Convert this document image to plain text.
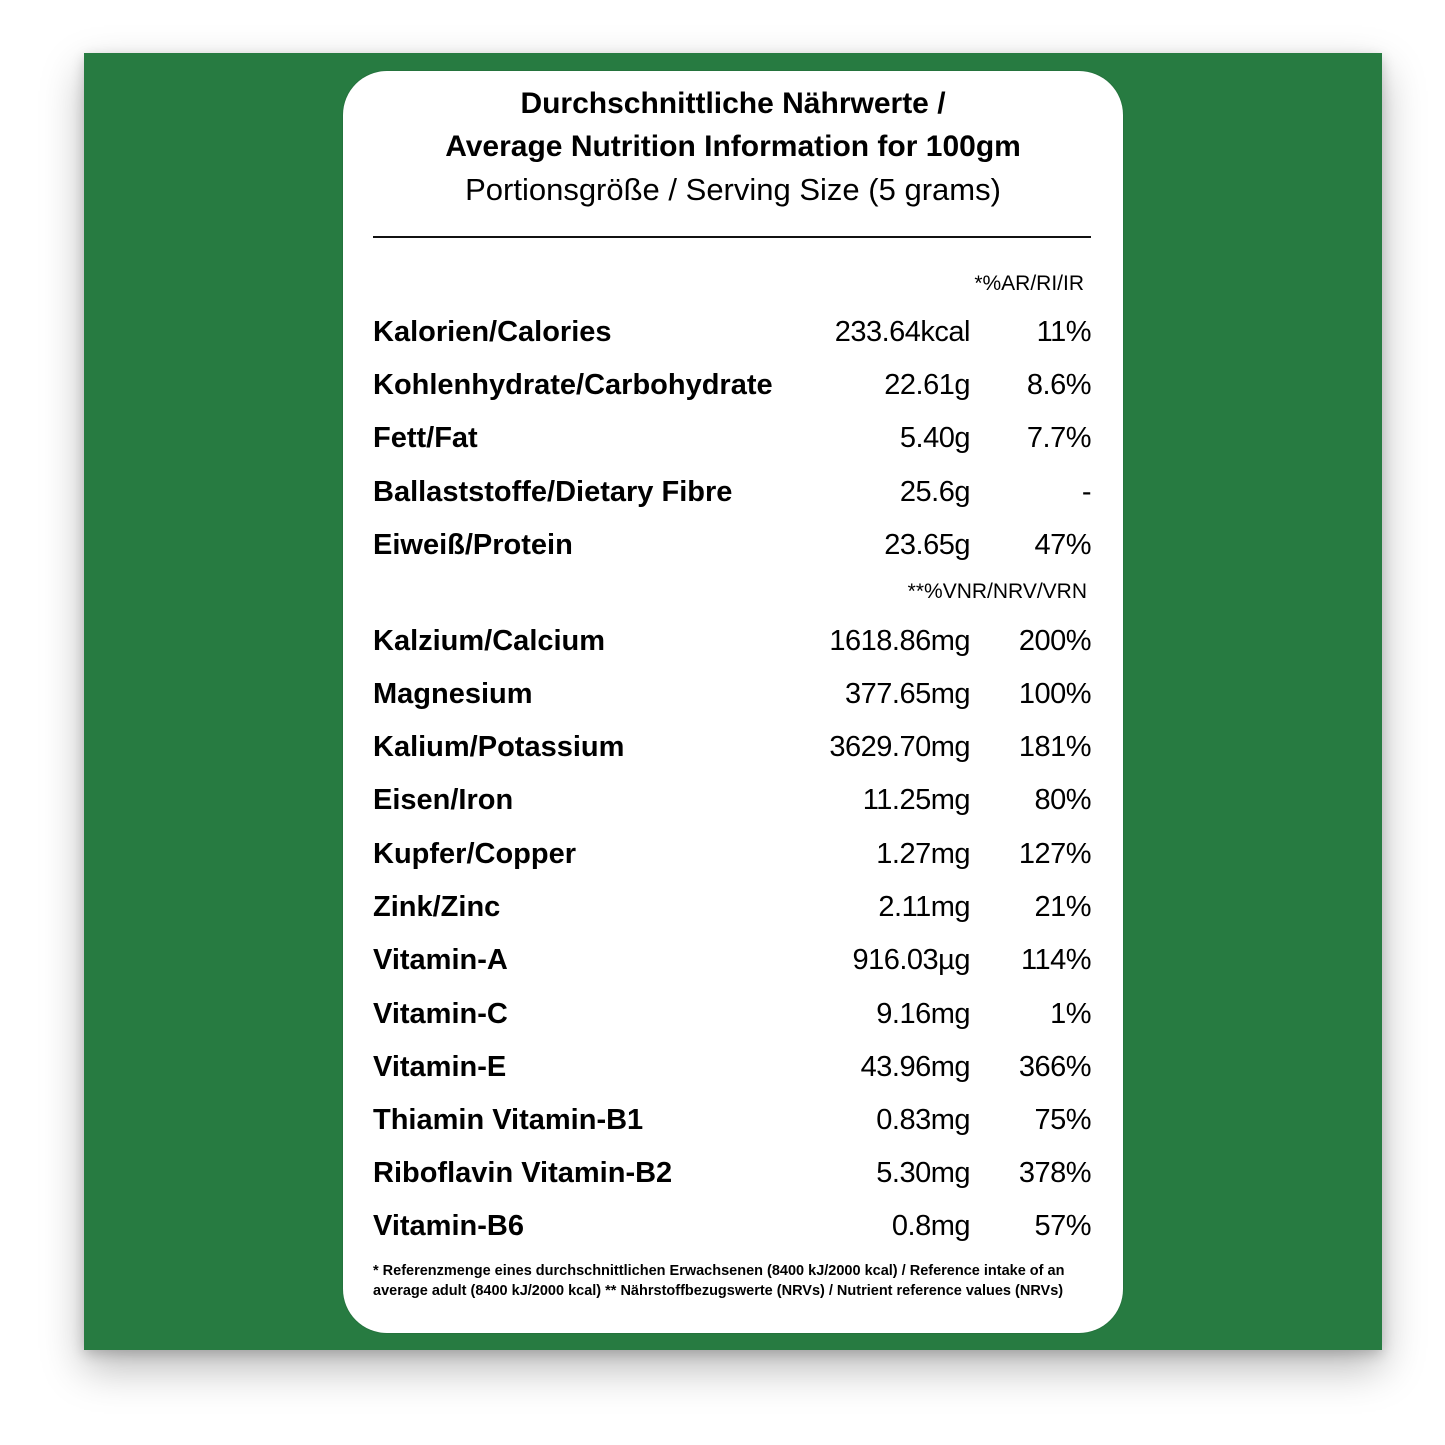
Durchschnittliche Nährwerte /
Average Nutrition Information for 100gm
Portionsgröße / Serving Size (5 grams)
*%AR/RI/IR
Kalorien/Calories	233.64kcal 11%
Kohlenhydrate/Carbohydrate	22.61g 8.6%
Fett/Fat	5.40g 7.7%
Ballaststoffe/Dietary Fibre	25.6g	-
Eiweiß/Protein	23.65g 47%
**%VNR/NRV/VRN
Kalzium/Calcium	1618.86mg 200%
Magnesium	377.65mg 100%
Kalium/Potassium	3629.70mg 181%
Eisen/Iron	11.25mg 80%
Kupfer/Copper	1.27mg 127%
Zink/Zinc	2.11mg 21%
Vitamin-A	916.03µg 114%
Vitamin-C	9.16mg	1%
Vitamin-E	43.96mg 366%
Thiamin Vitamin-B1	0.83mg 75%
Riboflavin Vitamin-B2	5.30mg 378%
Vitamin-B6	0.8mg 57%
* Referenzmenge eines durchschnittlichen Erwachsenen (8400 kJ/2000 kcal) / Reference intake of an average adult (8400 kJ/2000 kcal) ** Nährstoffbezugswerte (NRVs) / Nutrient reference values (NRVs)
